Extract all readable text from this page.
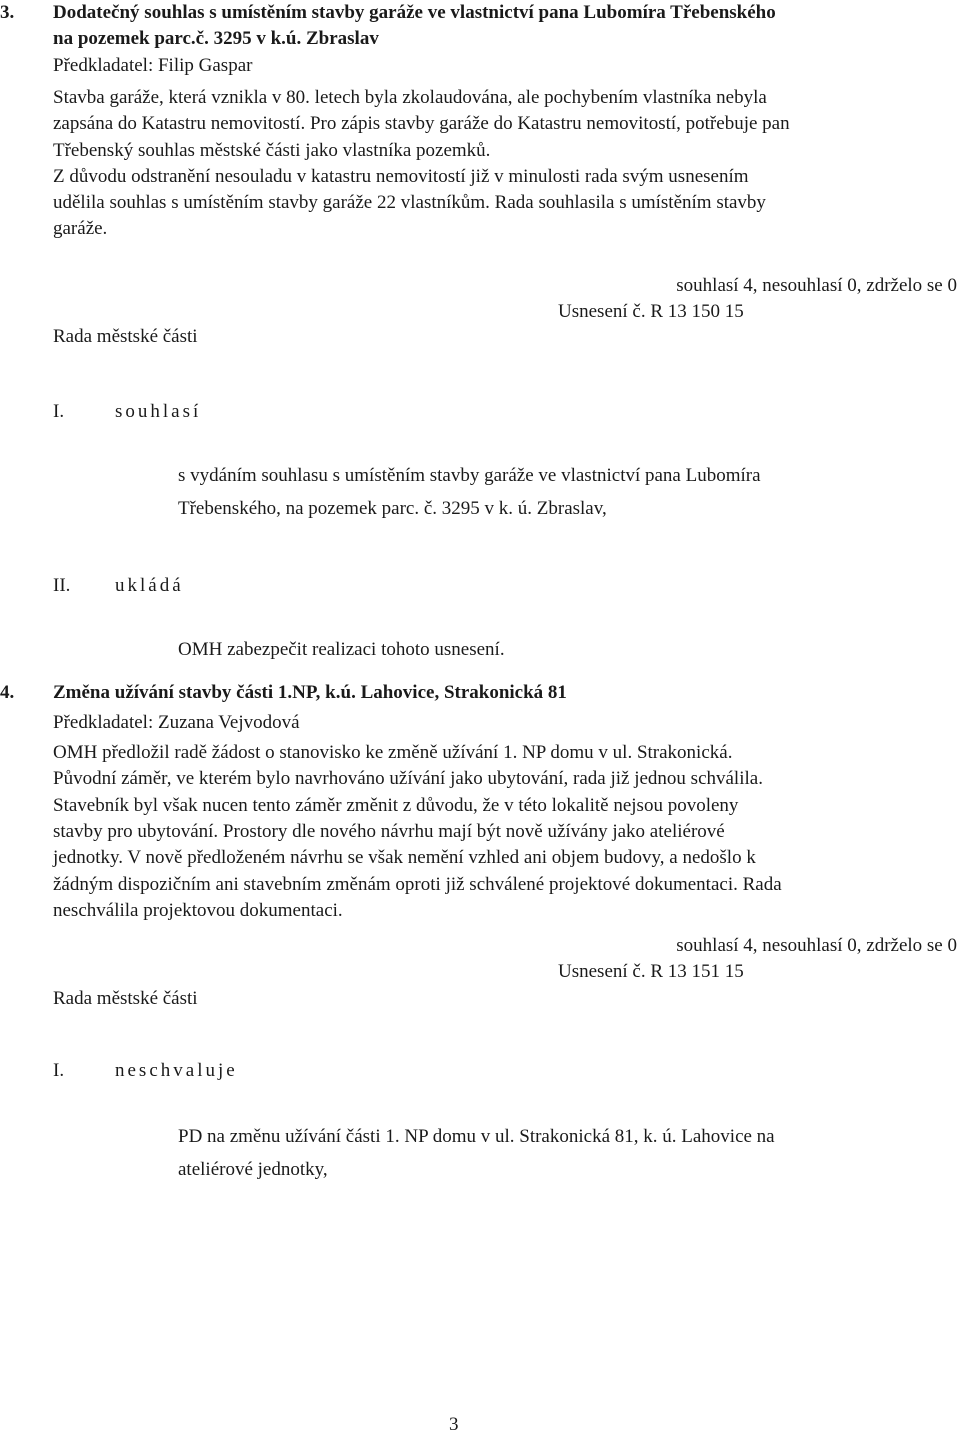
3. Dodatečný souhlas s umístěním stavby garáže ve vlastnictví pana Lubomíra Třebenského
na pozemek parc.č. 3295 v k.ú. Zbraslav
Předkladatel: Filip Gaspar
Stavba garáže, která vznikla v 80. letech byla zkolaudována, ale pochybením vlastníka nebyla
zapsána do Katastru nemovitostí. Pro zápis stavby garáže do Katastru nemovitostí, potřebuje pan
Třebenský souhlas městské části jako vlastníka pozemků.
Z důvodu odstranění nesouladu v katastru nemovitostí již v minulosti rada svým usnesením
udělila souhlas s umístěním stavby garáže 22 vlastníkům. Rada souhlasila s umístěním stavby
garáže.
souhlasí 4, nesouhlasí 0, zdrželo se 0
Usnesení č. R 13 150 15
Rada městské části
I.	souhlasí
s vydáním souhlasu s umístěním stavby garáže ve vlastnictví pana Lubomíra
Třebenského, na pozemek parc. č. 3295 v k. ú. Zbraslav,
II. ukládá
OMH zabezpečit realizaci tohoto usnesení.
4. Změna užívání stavby části 1.NP, k.ú. Lahovice, Strakonická 81
Předkladatel: Zuzana Vejvodová
OMH předložil radě žádost o stanovisko ke změně užívání 1. NP domu v ul. Strakonická.
Původní záměr, ve kterém bylo navrhováno užívání jako ubytování, rada již jednou schválila.
Stavebník byl však nucen tento záměr změnit z důvodu, že v této lokalitě nejsou povoleny
stavby pro ubytování. Prostory dle nového návrhu mají být nově užívány jako ateliérové
jednotky. V nově předloženém návrhu se však nemění vzhled ani objem budovy, a nedošlo k
žádným dispozičním ani stavebním změnám oproti již schválené projektové dokumentaci. Rada
neschválila projektovou dokumentaci.
souhlasí 4, nesouhlasí 0, zdrželo se 0
Usnesení č. R 13 151 15
Rada městské části
I.	neschvaluje
PD na změnu užívání části 1. NP domu v ul. Strakonická 81, k. ú. Lahovice na
ateliérové jednotky,
3
